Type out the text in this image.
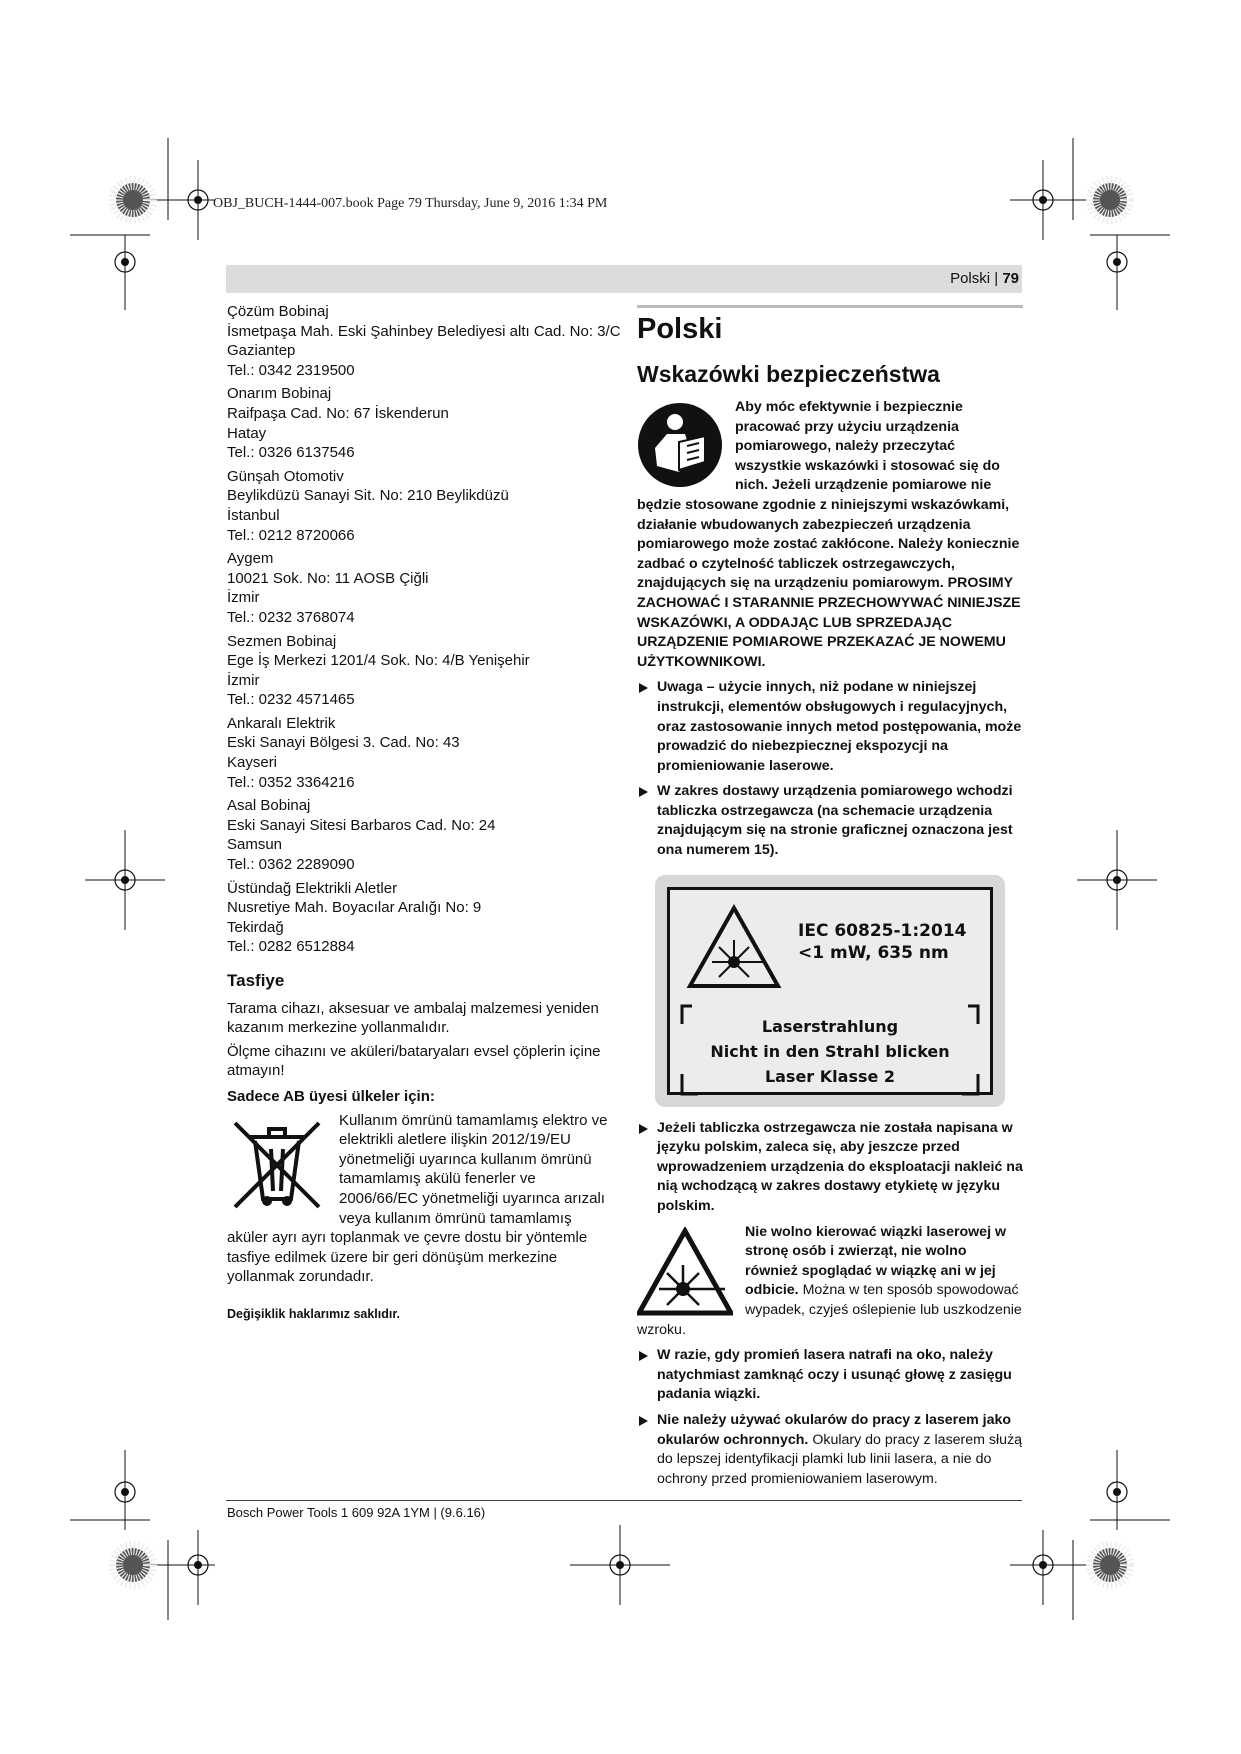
OBJ_BUCH-1444-007.book Page 79 Thursday, June 9, 2016 1:34 PM
Polski | 79
Çözüm Bobinaj
İsmetpaşa Mah. Eski Şahinbey Belediyesi altı Cad. No: 3/C
Gaziantep
Tel.: 0342 2319500
Onarım Bobinaj
Raifpaşa Cad. No: 67 İskenderun
Hatay
Tel.: 0326 6137546
Günşah Otomotiv
Beylikdüzü Sanayi Sit. No: 210 Beylikdüzü
İstanbul
Tel.: 0212 8720066
Aygem
10021 Sok. No: 11 AOSB Çiğli
İzmir
Tel.: 0232 3768074
Sezmen Bobinaj
Ege İş Merkezi 1201/4 Sok. No: 4/B Yenişehir
İzmir
Tel.: 0232 4571465
Ankaralı Elektrik
Eski Sanayi Bölgesi 3. Cad. No: 43
Kayseri
Tel.: 0352 3364216
Asal Bobinaj
Eski Sanayi Sitesi Barbaros Cad. No: 24
Samsun
Tel.: 0362 2289090
Üstündağ Elektrikli Aletler
Nusretiye Mah. Boyacılar Aralığı No: 9
Tekirdağ
Tel.: 0282 6512884
Tasfiye

Tarama cihazı, aksesuar ve ambalaj malzemesi yeniden kazanım merkezine yollanmalıdır.

Ölçme cihazını ve aküleri/bataryaları evsel çöplerin içine atmayın!

Sadece AB üyesi ülkeler için:

Kullanım ömrünü tamamlamış elektro ve elektrikli aletlere ilişkin 2012/19/EU yönetmeliği uyarınca kullanım ömrünü tamamlamış akülü fenerler ve 2006/66/EC yönetmeliği uyarınca arızalı veya kullanım ömrünü tamamlamış aküler ayrı ayrı toplanmak ve çevre dostu bir yöntemle tasfiye edilmek üzere bir geri dönüşüm merkezine yollanmak zorundadır.

Değişiklik haklarımız saklıdır.
Polski
Wskazówki bezpieczeństwa

Aby móc efektywnie i bezpiecznie pracować przy użyciu urządzenia pomiarowego, należy przeczytać wszystkie wskazówki i stosować się do nich. Jeżeli urządzenie pomiarowe nie będzie stosowane zgodnie z niniejszymi wskazówkami, działanie wbudowanych zabezpieczeń urządzenia pomiarowego może zostać zakłócone. Należy koniecznie zadbać o czytelność tabliczek ostrzegawczych, znajdujących się na urządzeniu pomiarowym. PROSIMY ZACHOWAĆ I STARANNIE PRZECHOWYWAĆ NINIEJSZE WSKAZÓWKI, A ODDAJĄC LUB SPRZEDAJĄC URZĄDZENIE POMIAROWE PRZEKAZAĆ JE NOWEMU UŻYTKOWNIKOWI.

Uwaga – użycie innych, niż podane w niniejszej instrukcji, elementów obsługowych i regulacyjnych, oraz zastosowanie innych metod postępowania, może prowadzić do niebezpiecznej ekspozycji na promieniowanie laserowe.
W zakres dostawy urządzenia pomiarowego wchodzi tabliczka ostrzegawcza (na schemacie urządzenia znajdującym się na stronie graficznej oznaczona jest ona numerem 15).
IEC 60825-1:2014
<1 mW, 635 nm
Laserstrahlung
Nicht in den Strahl blicken
Laser Klasse 2
Jeżeli tabliczka ostrzegawcza nie została napisana w języku polskim, zaleca się, aby jeszcze przed wprowadzeniem urządzenia do eksploatacji nakleić na nią wchodzącą w zakres dostawy etykietę w języku polskim.

Nie wolno kierować wiązki laserowej w stronę osób i zwierząt, nie wolno również spoglądać w wiązkę ani w jej odbicie. Można w ten sposób spowodować wypadek, czyjeś oślepienie lub uszkodzenie wzroku.

W razie, gdy promień lasera natrafi na oko, należy natychmiast zamknąć oczy i usunąć głowę z zasięgu padania wiązki.
Nie należy używać okularów do pracy z laserem jako okularów ochronnych. Okulary do pracy z laserem służą do lepszej identyfikacji plamki lub linii lasera, a nie do ochrony przed promieniowaniem laserowym.
Bosch Power Tools 1 609 92A 1YM | (9.6.16)
